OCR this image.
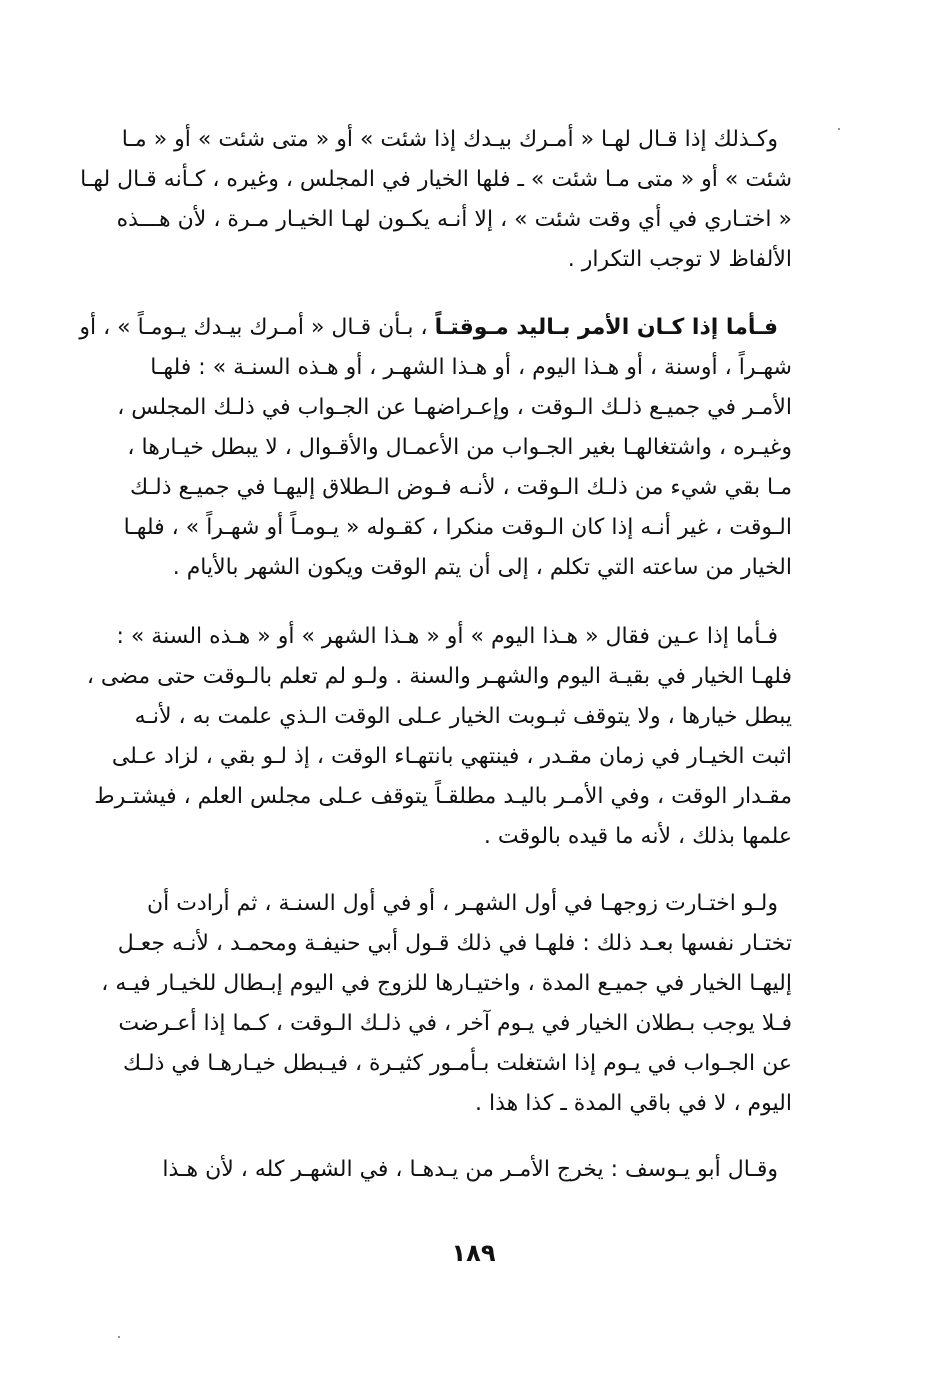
وكـذلك إذا قـال لهـا « أمـرك بيـدك إذا شئت » أو « متى شئت » أو « مـا
شئت » أو « متى مـا شئت » ـ فلها الخيار في المجلس ، وغيره ، كـأنه قـال لهـا
« اختـاري في أي وقت شئت » ، إلا أنـه يكـون لهـا الخيـار مـرة ، لأن هـــذه
الألفاظ لا توجب التكرار .
فـأما إذا كـان الأمر بـاليد مـوقتـاً ، بـأن قـال « أمـرك بيـدك يـومـاً » ، أو
شهـراً ، أوسنة ، أو هـذا اليوم ، أو هـذا الشهـر ، أو هـذه السنـة » : فلهـا
الأمـر في جميـع ذلـك الـوقت ، وإعـراضهـا عن الجـواب في ذلـك المجلس ،
وغيـره ، واشتغالهـا بغير الجـواب من الأعمـال والأقـوال ، لا يبطل خيـارها ،
مـا بقي شيء من ذلـك الـوقت ، لأنـه فـوض الـطلاق إليهـا في جميـع ذلـك
الـوقت ، غير أنـه إذا كان الـوقت منكرا ، كقـوله « يـومـاً أو شهـراً » ، فلهـا
الخيار من ساعته التي تكلم ، إلى أن يتم الوقت ويكون الشهر بالأيام .
فـأما إذا عـين فقال « هـذا اليوم » أو « هـذا الشهر » أو « هـذه السنة » :
فلهـا الخيار في بقيـة اليوم والشهـر والسنة . ولـو لم تعلم بالـوقت حتى مضى ،
يبطل خيارها ، ولا يتوقف ثبـوبت الخيار عـلى الوقت الـذي علمت به ، لأنـه
اثبت الخيـار في زمان مقـدر ، فينتهي بانتهـاء الوقت ، إذ لـو بقي ، لزاد عـلى
مقـدار الوقت ، وفي الأمـر باليـد مطلقـاً يتوقف عـلى مجلس العلم ، فيشتـرط
علمها بذلك ، لأنه ما قيده بالوقت .
ولـو اختـارت زوجهـا في أول الشهـر ، أو في أول السنـة ، ثم أرادت أن
تختـار نفسها بعـد ذلك : فلهـا في ذلك قـول أبي حنيفـة ومحمـد ، لأنـه جعـل
إليهـا الخيار في جميـع المدة ، واختيـارها للزوج في اليوم إبـطال للخيـار فيـه ،
فـلا يوجب بـطلان الخيار في يـوم آخر ، في ذلـك الـوقت ، كـما إذا أعـرضت
عن الجـواب في يـوم إذا اشتغلت بـأمـور كثيـرة ، فيـبطل خيـارهـا في ذلـك
اليوم ، لا في باقي المدة ـ كذا هذا .
وقـال أبو يـوسف : يخرج الأمـر من يـدهـا ، في الشهـر كله ، لأن هـذا
١٨٩
